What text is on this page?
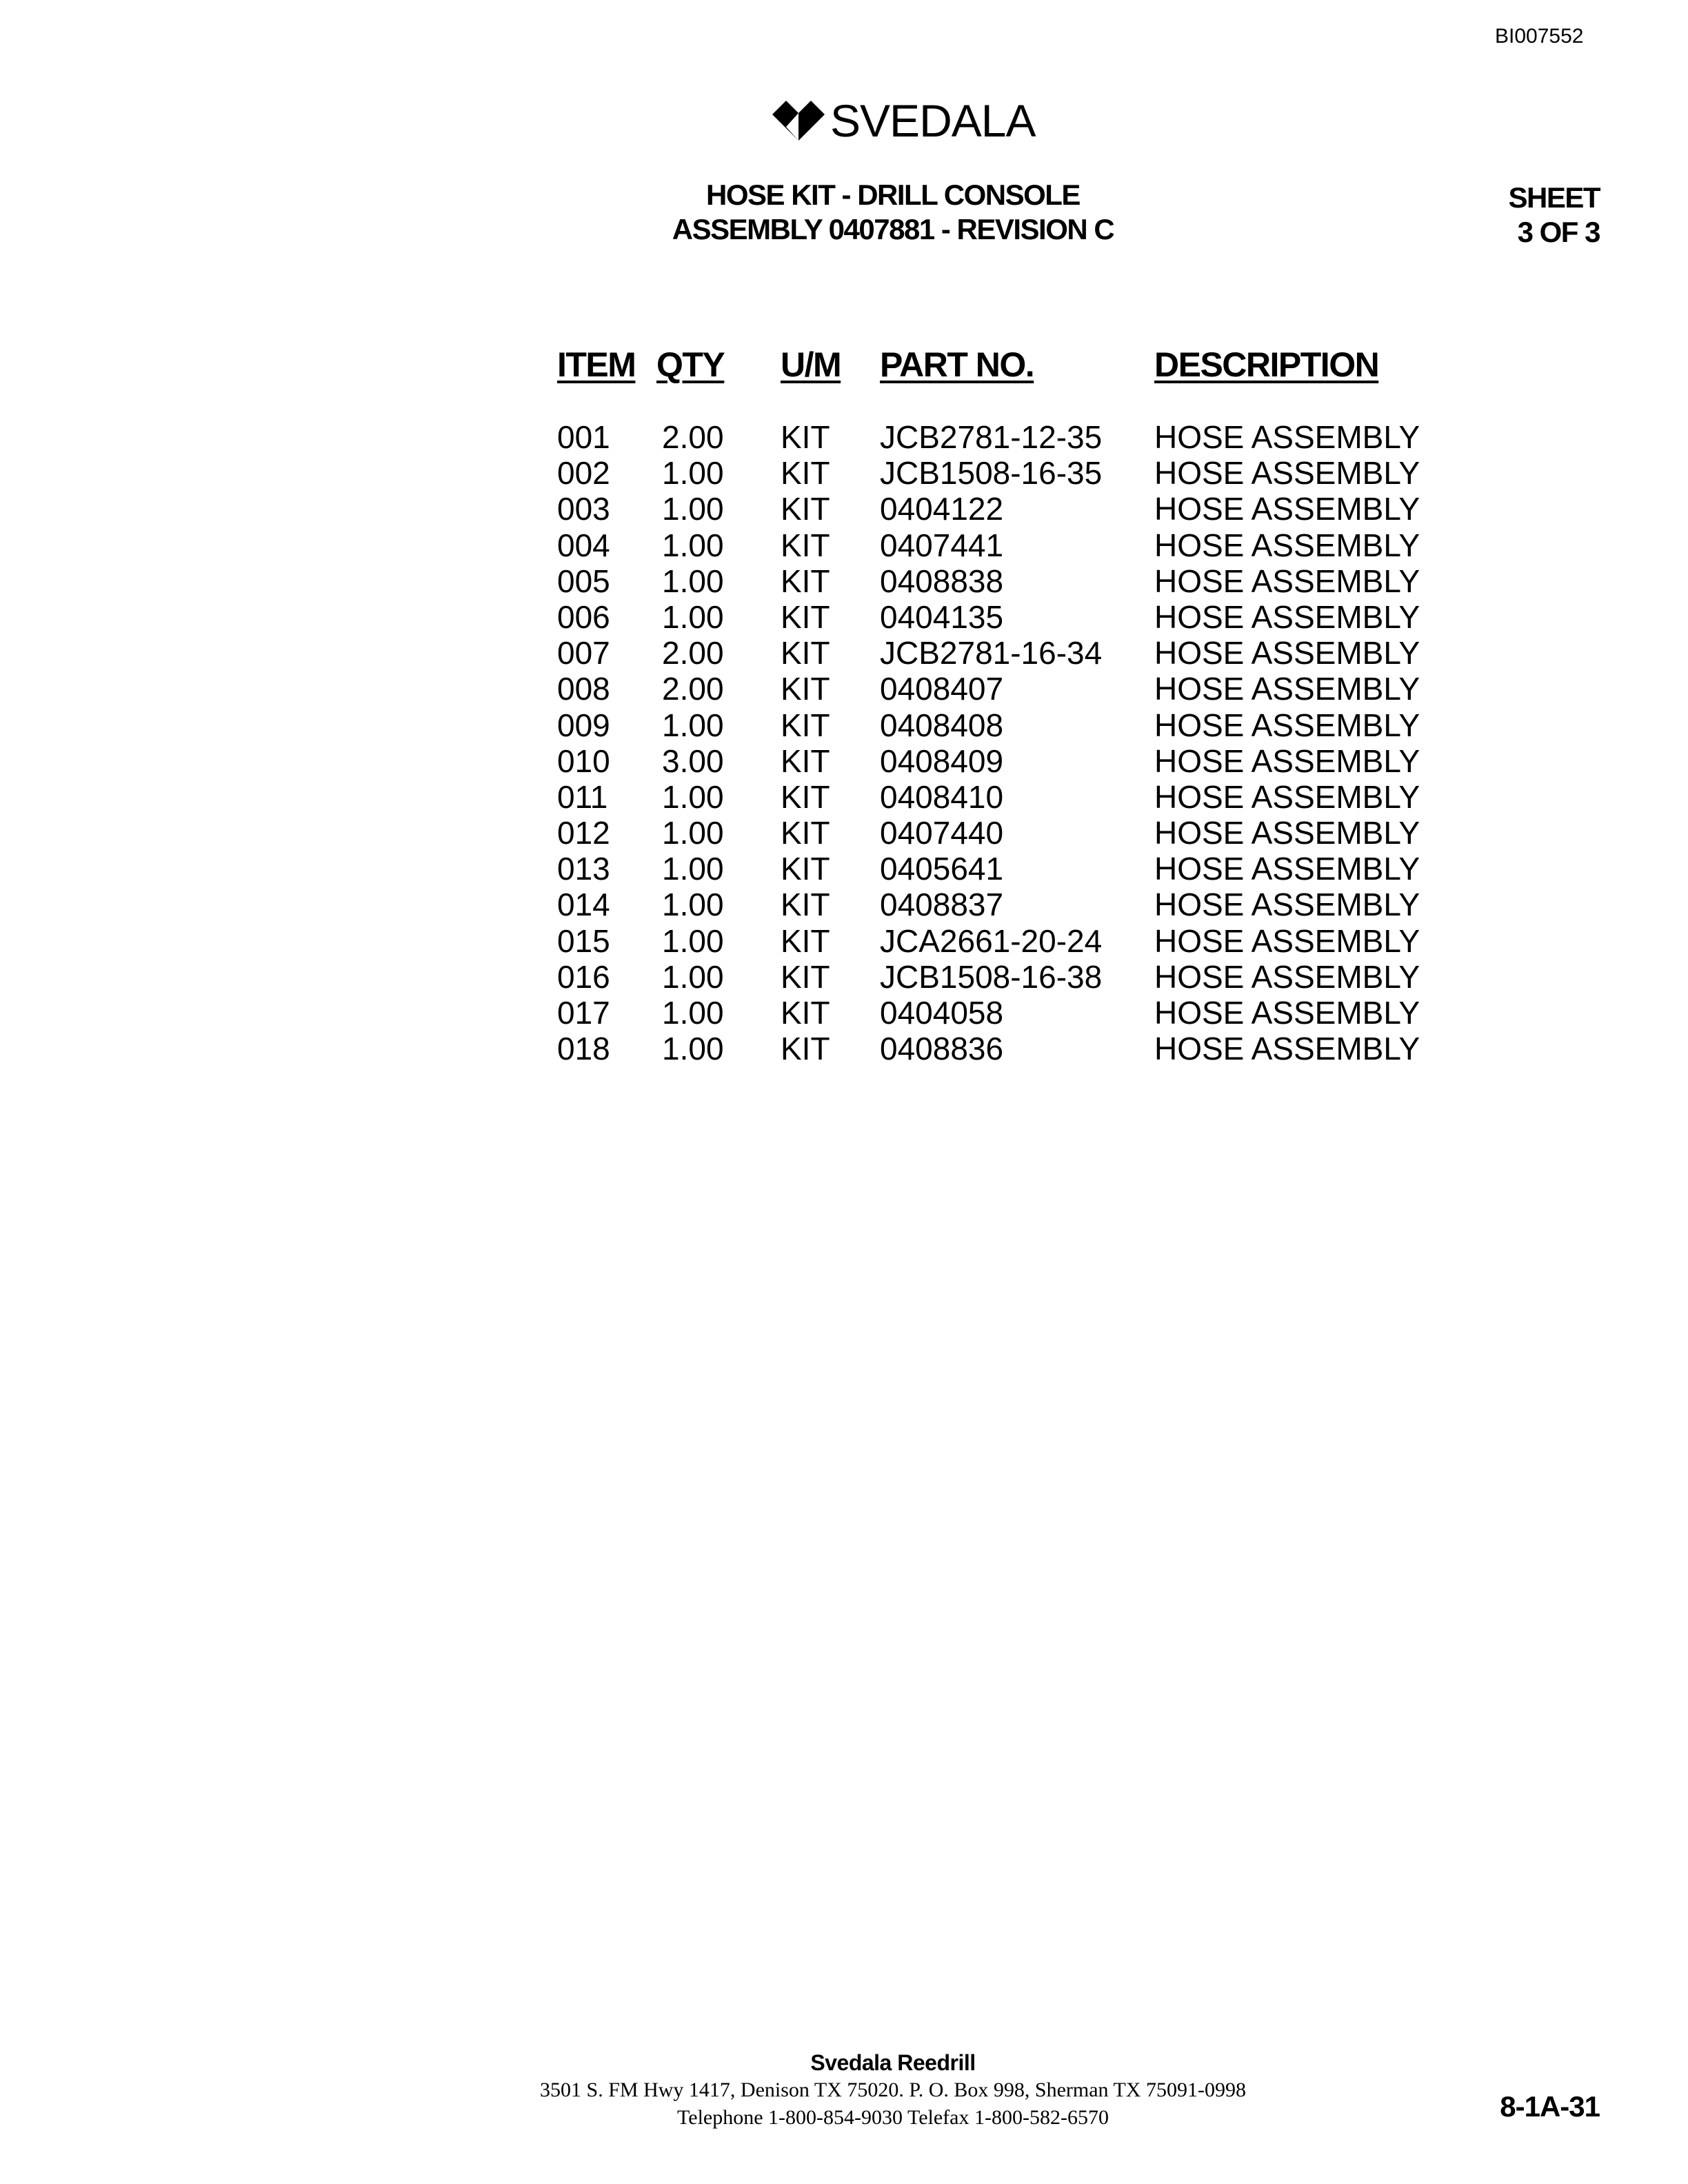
BI007552
SVEDALA
HOSE KIT - DRILL CONSOLE
ASSEMBLY 0407881 - REVISION C
SHEET
3 OF 3
ITEM QTY U/M PART NO.	DESCRIPTION
001 2.00 KIT JCB2781-12-35 HOSE ASSEMBLY
002 1.00 KIT JCB1508-16-35 HOSE ASSEMBLY
003 1.00 KIT 0404122	HOSE ASSEMBLY
004 1.00 KIT 0407441	HOSE ASSEMBLY
005 1.00 KIT 0408838	HOSE ASSEMBLY
006 1.00 KIT 0404135	HOSE ASSEMBLY
007 2.00 KIT JCB2781-16-34 HOSE ASSEMBLY
008 2.00 KIT 0408407	HOSE ASSEMBLY
009 1.00 KIT 0408408	HOSE ASSEMBLY
010 3.00 KIT 0408409	HOSE ASSEMBLY
011 1.00 KIT 0408410	HOSE ASSEMBLY
012 1.00 KIT 0407440	HOSE ASSEMBLY
013 1.00 KIT 0405641	HOSE ASSEMBLY
014 1.00 KIT 0408837	HOSE ASSEMBLY
015 1.00 KIT JCA2661-20-24 HOSE ASSEMBLY
016 1.00 KIT JCB1508-16-38 HOSE ASSEMBLY
017 1.00 KIT 0404058	HOSE ASSEMBLY
018 1.00 KIT 0408836	HOSE ASSEMBLY
Svedala Reedrill
3501 S. FM Hwy 1417, Denison TX 75020. P. O. Box 998, Sherman TX 75091-0998
Telephone 1-800-854-9030 Telefax 1-800-582-6570	8-1A-31
